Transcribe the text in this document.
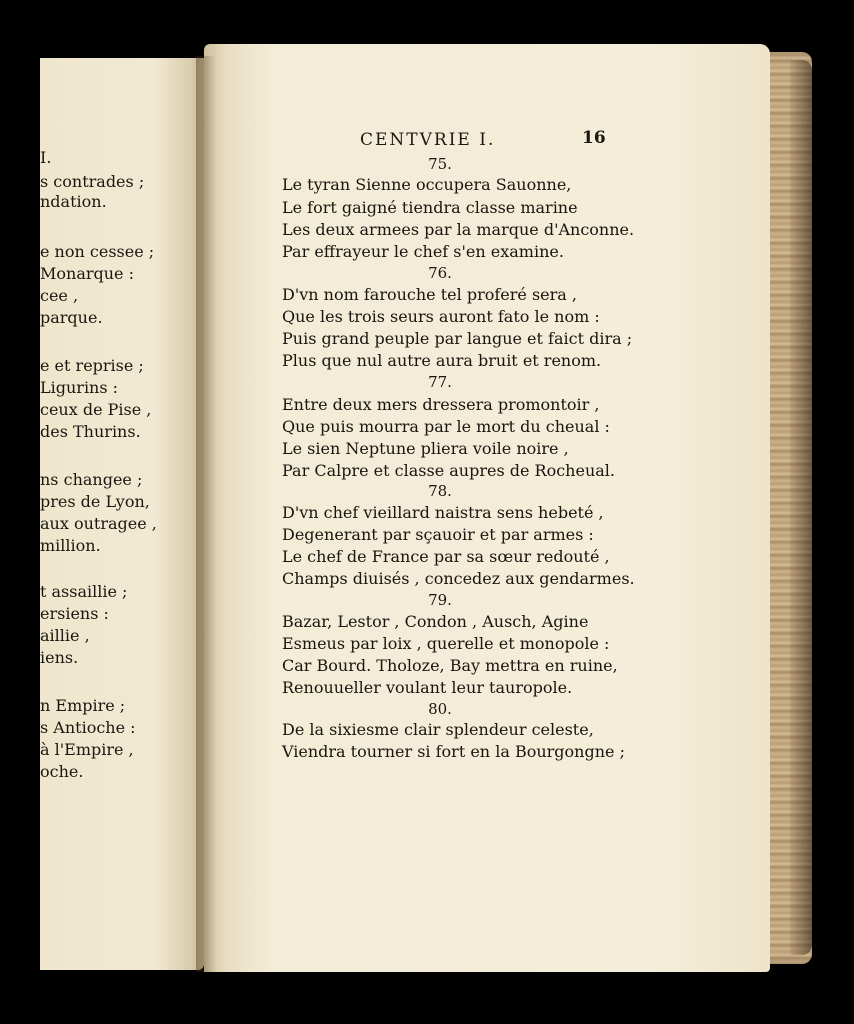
I.
s contrades ;
ndation.
e non cessee ;
Monarque :
cee ,
parque.
e et reprise ;
Ligurins :
ceux de Pise ,
des Thurins.
ns changee ;
pres de Lyon,
aux outragee ,
million.
t assaillie ;
ersiens :
aillie ,
iens.
n Empire ;
s Antioche :
à l'Empire ,
oche.
CENTVRIE I.	16
75.
Le tyran Sienne occupera Sauonne,
Le fort gaigné tiendra classe marine
Les deux armees par la marque d'Anconne.
Par effrayeur le chef s'en examine.
76.
D'vn nom farouche tel proferé sera ,
Que les trois seurs auront fato le nom :
Puis grand peuple par langue et faict dira ;
Plus que nul autre aura bruit et renom.
77.
Entre deux mers dressera promontoir ,
Que puis mourra par le mort du cheual :
Le sien Neptune pliera voile noire ,
Par Calpre et classe aupres de Rocheual.
78.
D'vn chef vieillard naistra sens hebeté ,
Degenerant par sçauoir et par armes :
Le chef de France par sa sœur redouté ,
Champs diuisés , concedez aux gendarmes.
79.
Bazar, Lestor , Condon , Ausch, Agine
Esmeus par loix , querelle et monopole :
Car Bourd. Tholoze, Bay mettra en ruine,
Renouueller voulant leur tauropole.
80.
De la sixiesme clair splendeur celeste,
Viendra tourner si fort en la Bourgongne ;
